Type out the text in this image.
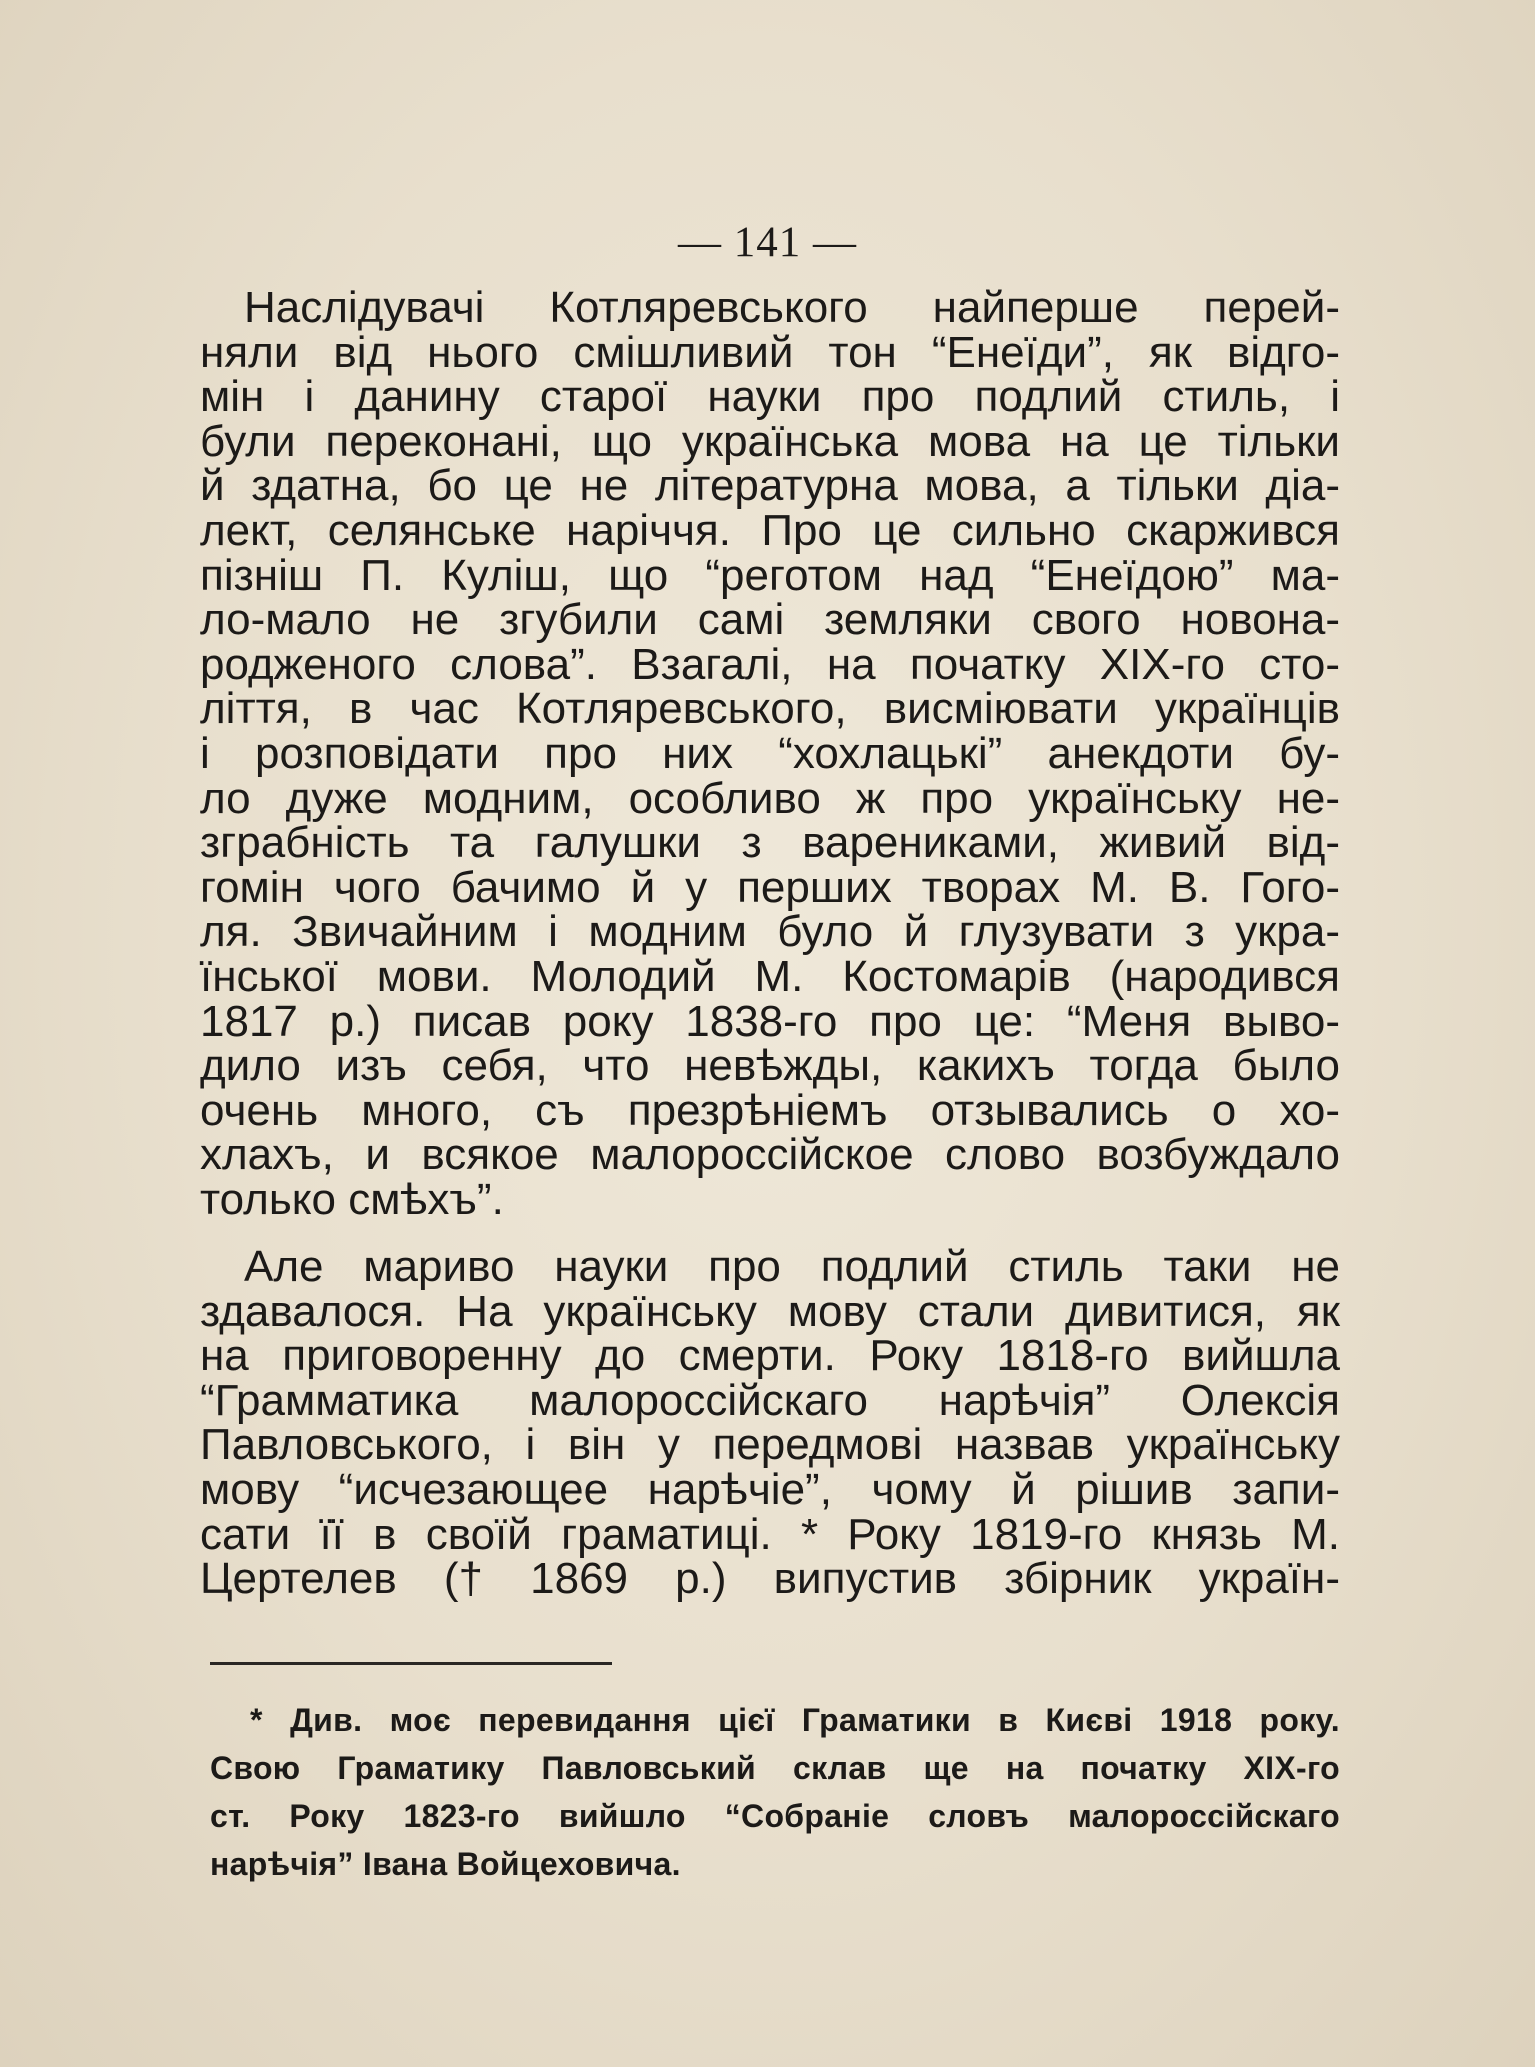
— 141 —
Наслідувачі Котляревського найперше перей-
няли від нього смішливий тон “Енеїди”, як відго-
мін і данину старої науки про подлий стиль, і
були переконані, що українська мова на це тільки
й здатна, бо це не літературна мова, а тільки діа-
лект, селянське наріччя. Про це сильно скаржився
пізніш П. Куліш, що “реготом над “Енеїдою” ма-
ло-мало не згубили самі земляки свого новона-
родженого слова”. Взагалі, на початку XIX-го сто-
ліття, в час Котляревського, висміювати українців
і розповідати про них “хохлацькі” анекдоти бу-
ло дуже модним, особливо ж про українську не-
зграбність та галушки з варениками, живий від-
гомін чого бачимо й у перших творах М. В. Гого-
ля. Звичайним і модним було й глузувати з укра-
їнської мови. Молодий М. Костомарів (народився
1817 р.) писав року 1838-го про це: “Меня выво-
дило изъ себя, что невѣжды, какихъ тогда было
очень много, съ презрѣніемъ отзывались о хо-
хлахъ, и всякое малороссійское слово возбуждало
только смѣхъ”.
Але мариво науки про подлий стиль таки не
здавалося. На українську мову стали дивитися, як
на приговоренну до смерти. Року 1818-го вийшла
“Грамматика малороссійскаго нарѣчія” Олексія
Павловського, і він у передмові назвав українську
мову “исчезающее нарѣчіе”, чому й рішив запи-
сати її в своїй граматиці. * Року 1819-го князь М.
Цертелев († 1869 р.) випустив збірник україн-
* Див. моє перевидання цієї Граматики в Києві 1918 року.
Свою Граматику Павловський склав ще на початку XIX-го
ст. Року 1823-го вийшло “Собраніе словъ малороссійскаго
нарѣчія” Івана Войцеховича.
